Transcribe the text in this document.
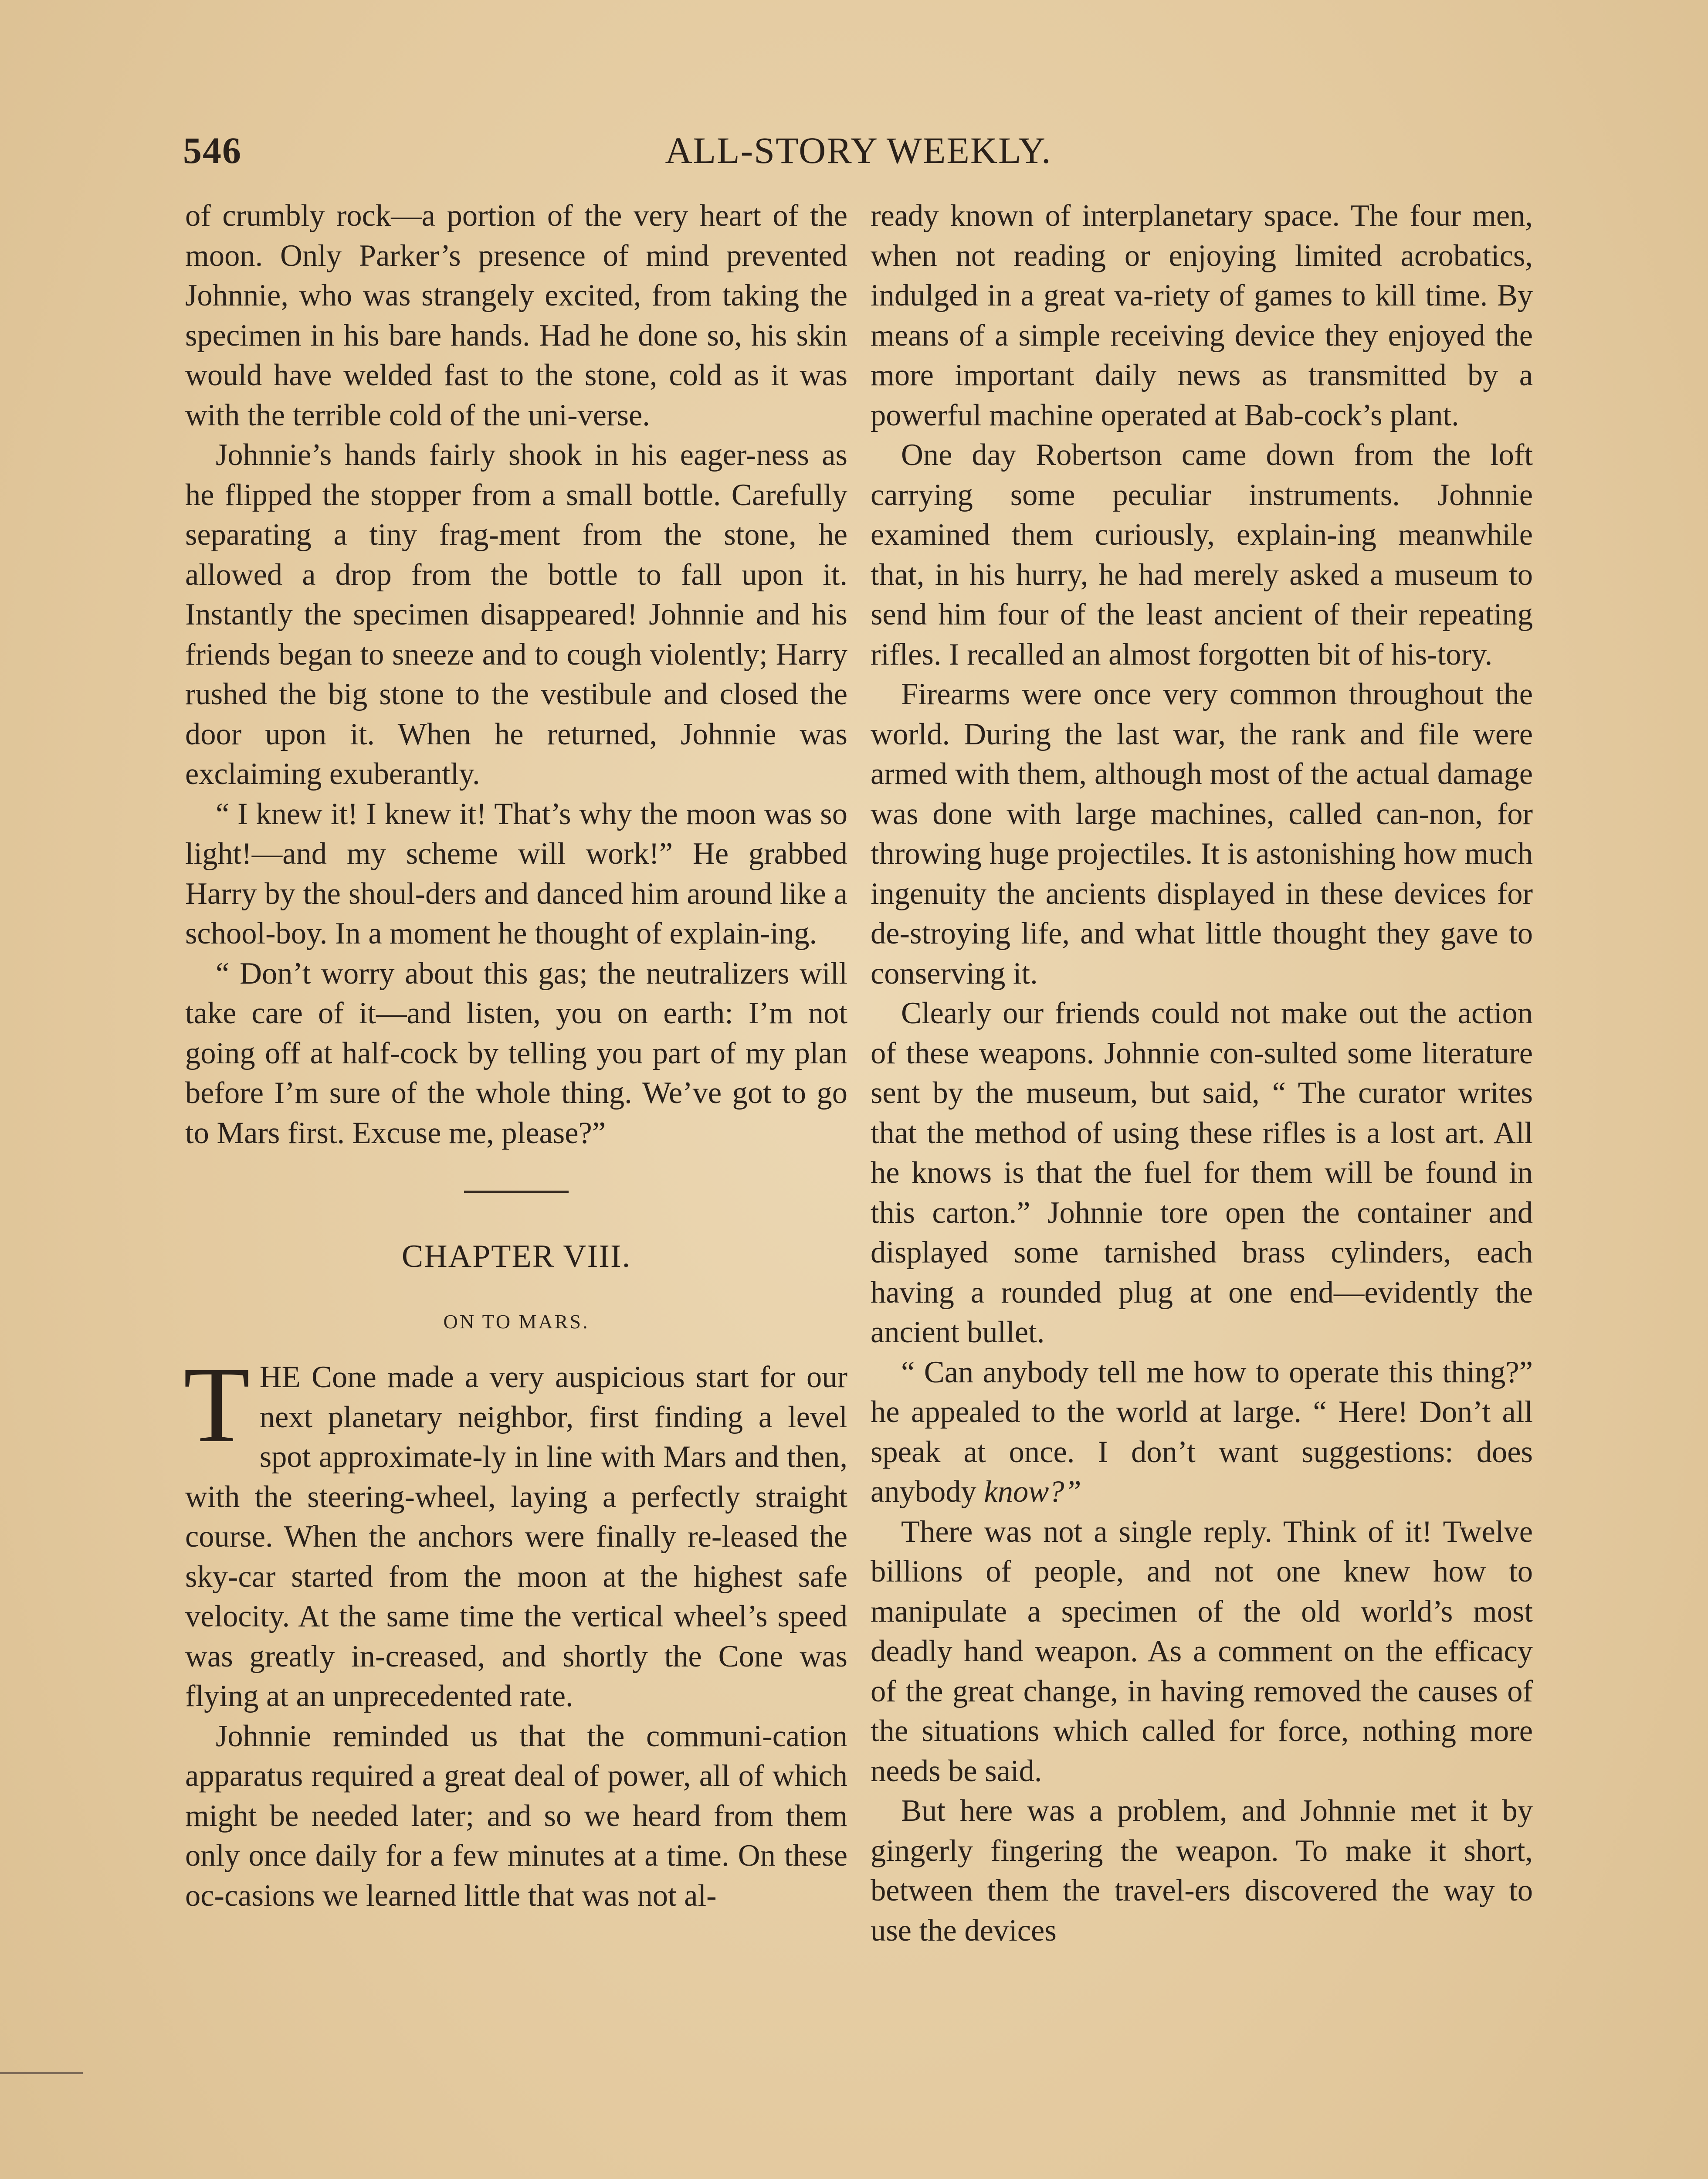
546	ALL-STORY WEEKLY.

of crumbly rock—a portion of the very heart of the moon. Only Parker’s presence of mind prevented Johnnie, who was strangely excited, from taking the specimen in his bare hands. Had he done so, his skin would have welded fast to the stone, cold as it was with the terrible cold of the uni-verse.

Johnnie’s hands fairly shook in his eager-ness as he flipped the stopper from a small bottle. Carefully separating a tiny frag-ment from the stone, he allowed a drop from the bottle to fall upon it. Instantly the specimen disappeared! Johnnie and his friends began to sneeze and to cough violently; Harry rushed the big stone to the vestibule and closed the door upon it. When he returned, Johnnie was exclaiming exuberantly.

“ I knew it! I knew it! That’s why the moon was so light!—and my scheme will work!” He grabbed Harry by the shoul-ders and danced him around like a school-boy. In a moment he thought of explain-ing.

“ Don’t worry about this gas; the neutralizers will take care of it—and listen, you on earth: I’m not going off at half-cock by telling you part of my plan before I’m sure of the whole thing. We’ve got to go to Mars first. Excuse me, please?”

CHAPTER VIII.
ON TO MARS.

THE Cone made a very auspicious start for our next planetary neighbor, first finding a level spot approximate-ly in line with Mars and then, with the steering-wheel, laying a perfectly straight course. When the anchors were finally re-leased the sky-car started from the moon at the highest safe velocity. At the same time the vertical wheel’s speed was greatly in-creased, and shortly the Cone was flying at an unprecedented rate.

Johnnie reminded us that the communi-cation apparatus required a great deal of power, all of which might be needed later; and so we heard from them only once daily for a few minutes at a time. On these oc-casions we learned little that was not al-

ready known of interplanetary space. The four men, when not reading or enjoying limited acrobatics, indulged in a great va-riety of games to kill time. By means of a simple receiving device they enjoyed the more important daily news as transmitted by a powerful machine operated at Bab-cock’s plant.

One day Robertson came down from the loft carrying some peculiar instruments. Johnnie examined them curiously, explain-ing meanwhile that, in his hurry, he had merely asked a museum to send him four of the least ancient of their repeating rifles. I recalled an almost forgotten bit of his-tory.

Firearms were once very common throughout the world. During the last war, the rank and file were armed with them, although most of the actual damage was done with large machines, called can-non, for throwing huge projectiles. It is astonishing how much ingenuity the ancients displayed in these devices for de-stroying life, and what little thought they gave to conserving it.

Clearly our friends could not make out the action of these weapons. Johnnie con-sulted some literature sent by the museum, but said, “ The curator writes that the method of using these rifles is a lost art. All he knows is that the fuel for them will be found in this carton.” Johnnie tore open the container and displayed some tarnished brass cylinders, each having a rounded plug at one end—evidently the ancient bullet.

“ Can anybody tell me how to operate this thing?” he appealed to the world at large. “ Here! Don’t all speak at once. I don’t want suggestions: does anybody know?”

There was not a single reply. Think of it! Twelve billions of people, and not one knew how to manipulate a specimen of the old world’s most deadly hand weapon. As a comment on the efficacy of the great change, in having removed the causes of the situations which called for force, nothing more needs be said.

But here was a problem, and Johnnie met it by gingerly fingering the weapon. To make it short, between them the travel-ers discovered the way to use the devices
